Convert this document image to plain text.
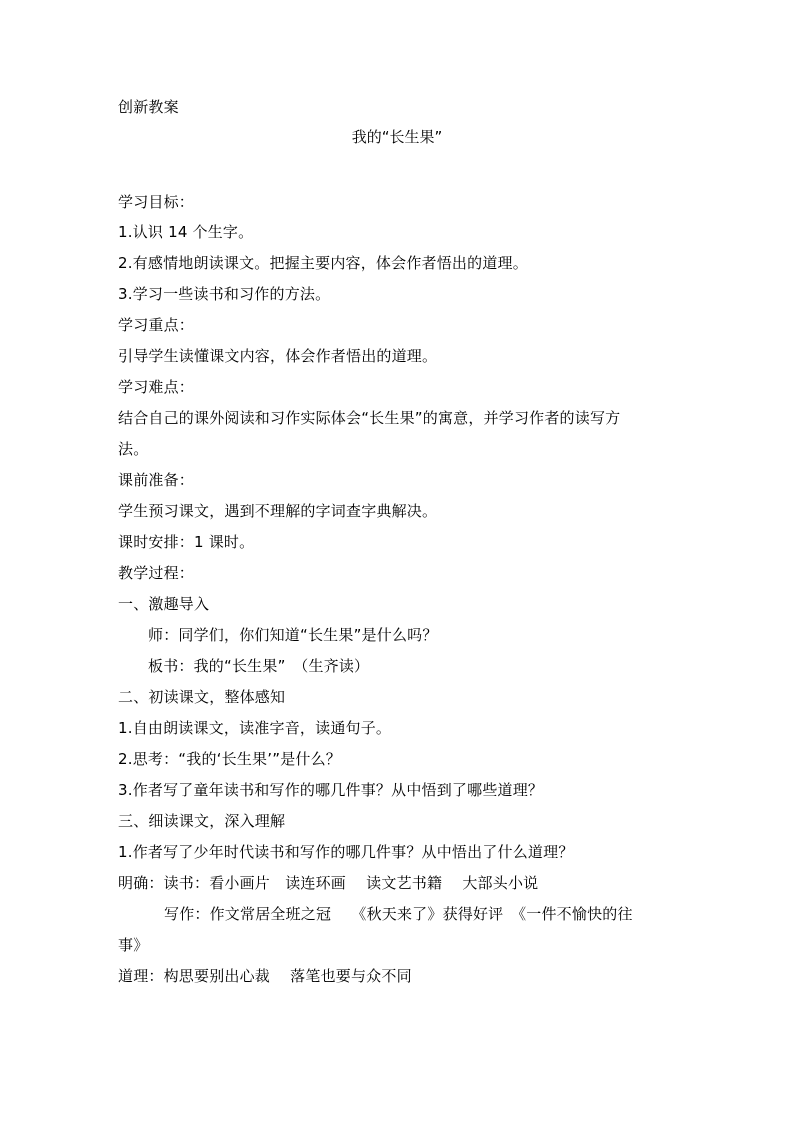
创新教案
我的“长生果”
学习目标：
1.认识 14 个生字。
2.有感情地朗读课文。把握主要内容，体会作者悟出的道理。
3.学习一些读书和习作的方法。
学习重点：
引导学生读懂课文内容，体会作者悟出的道理。
学习难点：
结合自己的课外阅读和习作实际体会“长生果”的寓意，并学习作者的读写方
法。
课前准备：
学生预习课文，遇到不理解的字词查字典解决。
课时安排：1 课时。
教学过程：
一、激趣导入
师：同学们，你们知道“长生果”是什么吗？
板书：我的“长生果”　（生齐读）
二、初读课文，整体感知
1.自由朗读课文，读准字音，读通句子。
2.思考：“我的‘长生果’”是什么？
3.作者写了童年读书和写作的哪几件事？从中悟到了哪些道理？
三、细读课文，深入理解
1.作者写了少年时代读书和写作的哪几件事？从中悟出了什么道理？
明确：读书：看小画片　读连环画　 读文艺书籍　 大部头小说
写作：作文常居全班之冠　 《秋天来了》获得好评　《一件不愉快的往
事》
道理：构思要别出心裁　 落笔也要与众不同
